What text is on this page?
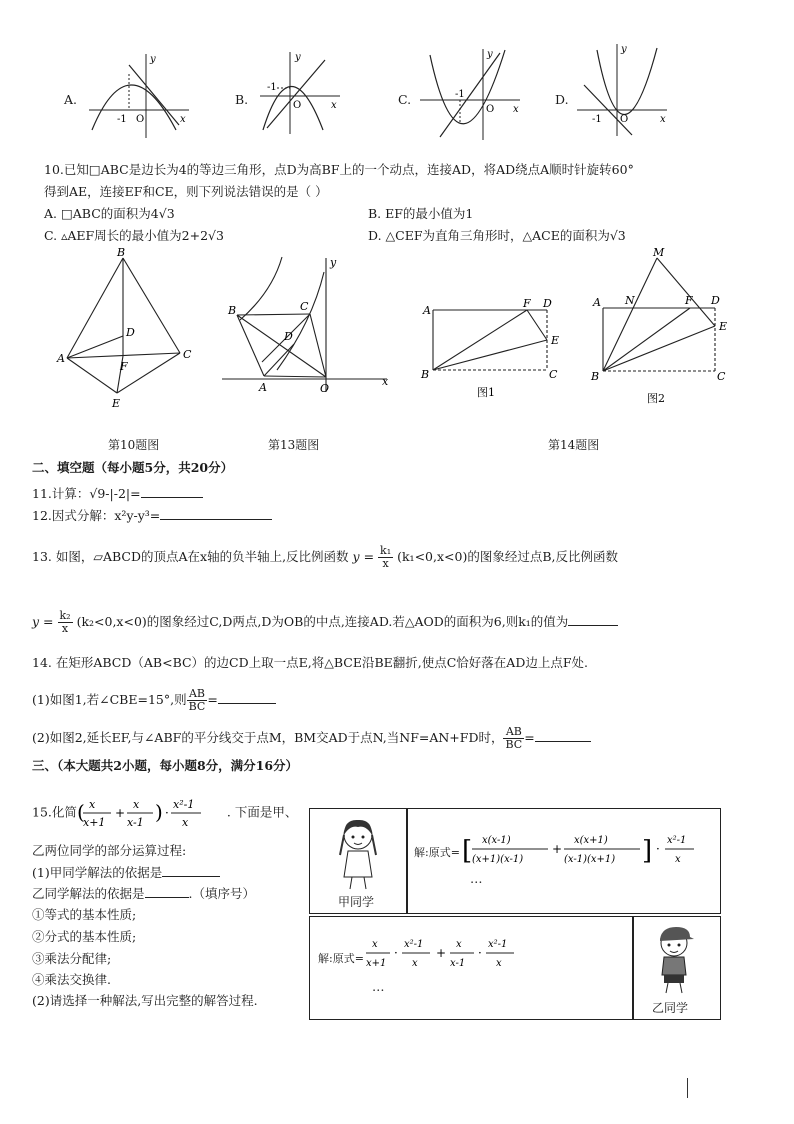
A.
y
x
O
-1
B.
y
x
O
-1
C.
y
x
O
-1	D.
y
x
O
-1
10.已知□ABC是边长为4的等边三角形，点D为高BF上的一个动点，连接AD，将AD绕点A顺时针旋转60°
得到AE，连接EF和CE，则下列说法错误的是（ ）
A. □ABC的面积为4√3	B. EF的最小值为1
C. ▵AEF周长的最小值为2+2√3	D. △CEF为直角三角形时，△ACE的面积为√3
B
D
A
F
C
E
第10题图
y
B	C
D
A	O
x
第13题图
A
F D
E
B	C
图1
M
A N	F D
E
B	C
图2
第14题图
二、填空题（每小题5分，共20分）
11.计算：√9-|-2|=
12.因式分解：x²y-y³=
13. 如图，▱ABCD的顶点A在x轴的负半轴上,反比例函数 $y = \frac{\text{k₁}}{x} (k_1<0,x<0)$的图象经过点B,反比例函数
$y = \frac{\text{k₂}}{x} (k_2<0,x<0)$的图象经过C,D两点,D为OB的中点,连接AD.若△AOD的面积为6,则k₁的值为
14. 在矩形ABCD（AB<BC）的边CD上取一点E,将△BCE沿BE翻折,使点C恰好落在AD边上点F处.
(1)如图1,若∠CBE=15°,则 $\frac{AB}{BC}$ =
(2)如图2,延长EF,与∠ABF的平分线交于点M，BM交AD于点N,当NF=AN+FD时， $\frac{AB}{BC}$ =
三、（本大题共2小题，每小题8分，满分16分）
15.化简 ( x
x+1
+
x
x-1 ) ·
x²-1
x
. 下面是甲、
乙两位同学的部分运算过程:
(1)甲同学解法的依据是
乙同学解法的依据是	.（填序号）
①等式的基本性质;
②分式的基本性质;
③乘法分配律;
④乘法交换律.
(2)请选择一种解法,写出完整的解答过程.
甲同学
解:原式= [ x(x-1)
(x+1)(x-1)
+
x(x+1)
(x-1)(x+1) ] ·
x²-1
x
…
解:原式=
x
x+1
·
x²-1
x
+
x
x-1
·
x²-1
x
…
乙同学
